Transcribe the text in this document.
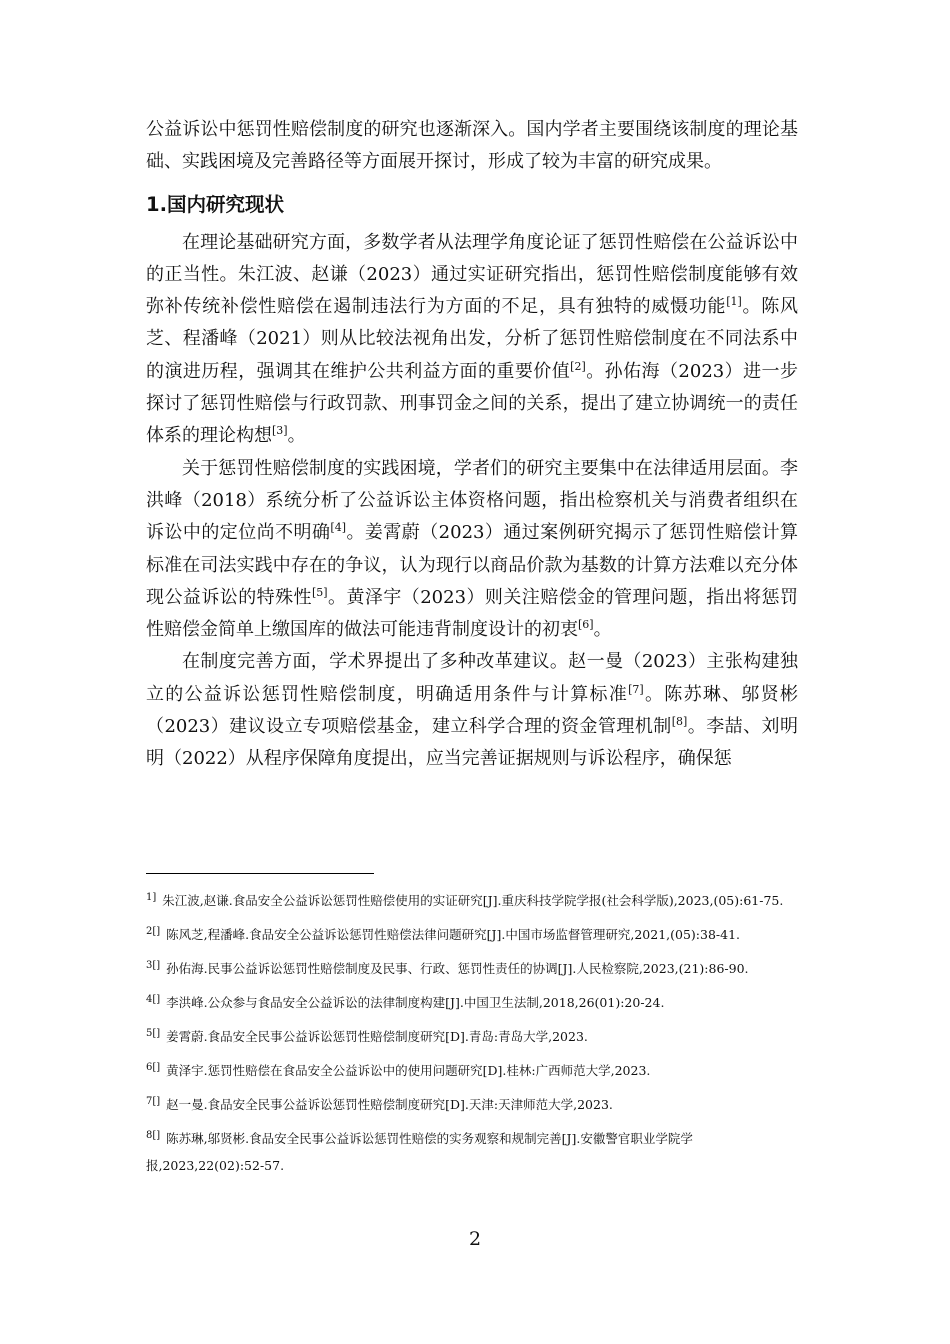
公益诉讼中惩罚性赔偿制度的研究也逐渐深入。国内学者主要围绕该制度的理论基础、实践困境及完善路径等方面展开探讨，形成了较为丰富的研究成果。

1.国内研究现状

在理论基础研究方面，多数学者从法理学角度论证了惩罚性赔偿在公益诉讼中的正当性。朱江波、赵谦（2023）通过实证研究指出，惩罚性赔偿制度能够有效弥补传统补偿性赔偿在遏制违法行为方面的不足，具有独特的威慑功能[1]。陈风芝、程潘峰（2021）则从比较法视角出发，分析了惩罚性赔偿制度在不同法系中的演进历程，强调其在维护公共利益方面的重要价值[2]。孙佑海（2023）进一步探讨了惩罚性赔偿与行政罚款、刑事罚金之间的关系，提出了建立协调统一的责任体系的理论构想[3]。

关于惩罚性赔偿制度的实践困境，学者们的研究主要集中在法律适用层面。李洪峰（2018）系统分析了公益诉讼主体资格问题，指出检察机关与消费者组织在诉讼中的定位尚不明确[4]。姜霄蔚（2023）通过案例研究揭示了惩罚性赔偿计算标准在司法实践中存在的争议，认为现行以商品价款为基数的计算方法难以充分体现公益诉讼的特殊性[5]。黄泽宇（2023）则关注赔偿金的管理问题，指出将惩罚性赔偿金简单上缴国库的做法可能违背制度设计的初衷[6]。

在制度完善方面，学术界提出了多种改革建议。赵一曼（2023）主张构建独立的公益诉讼惩罚性赔偿制度，明确适用条件与计算标准[7]。陈苏琳、邬贤彬（2023）建议设立专项赔偿基金，建立科学合理的资金管理机制[8]。李喆、刘明明（2022）从程序保障角度提出，应当完善证据规则与诉讼程序，确保惩

$^{1]}$ 朱江波,赵谦.食品安全公益诉讼惩罚性赔偿使用的实证研究[J].重庆科技学院学报(社会科学版),2023,(05):61-75.
$^{2[]}$ 陈风芝,程潘峰.食品安全公益诉讼惩罚性赔偿法律问题研究[J].中国市场监督管理研究,2021,(05):38-41.
$^{3[]}$ 孙佑海.民事公益诉讼惩罚性赔偿制度及民事、行政、惩罚性责任的协调[J].人民检察院,2023,(21):86-90.
$^{4[]}$ 李洪峰.公众参与食品安全公益诉讼的法律制度构建[J].中国卫生法制,2018,26(01):20-24.
$^{5[]}$ 姜霄蔚.食品安全民事公益诉讼惩罚性赔偿制度研究[D].青岛:青岛大学,2023.
$^{6[]}$ 黄泽宇.惩罚性赔偿在食品安全公益诉讼中的使用问题研究[D].桂林:广西师范大学,2023.
$^{7[]}$ 赵一曼.食品安全民事公益诉讼惩罚性赔偿制度研究[D].天津:天津师范大学,2023.
$^{8[]}$ 陈苏琳,邬贤彬.食品安全民事公益诉讼惩罚性赔偿的实务观察和规制完善[J].安徽警官职业学院学报,2023,22(02):52-57.
2
